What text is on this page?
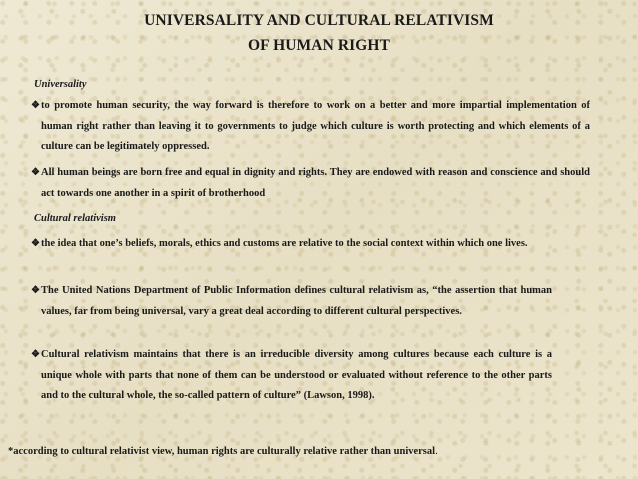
UNIVERSALITY AND CULTURAL RELATIVISM
OF HUMAN RIGHT
Universality
❖ to promote human security, the way forward is therefore to work on a better and more impartial implementation of human right rather than leaving it to governments to judge which culture is worth protecting and which elements of a culture can be legitimately oppressed.
❖ All human beings are born free and equal in dignity and rights. They are endowed with reason and conscience and should act towards one another in a spirit of brotherhood
Cultural relativism
❖ the idea that one’s beliefs, morals, ethics and customs are relative to the social context within which one lives.
❖ The United Nations Department of Public Information defines cultural relativism as, “the assertion that human values, far from being universal, vary a great deal according to different cultural perspectives.
❖ Cultural relativism maintains that there is an irreducible diversity among cultures because each culture is a unique whole with parts that none of them can be understood or evaluated without reference to the other parts and to the cultural whole, the so-called pattern of culture” (Lawson, 1998).
*according to cultural relativist view, human rights are culturally relative rather than universal.
